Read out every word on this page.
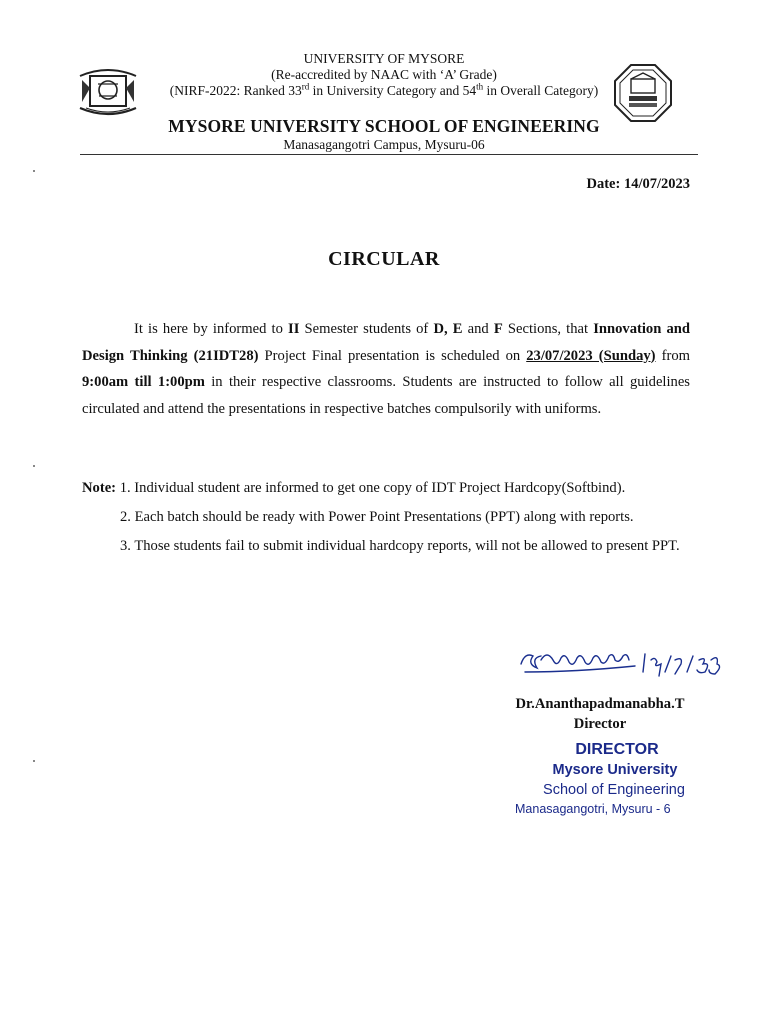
UNIVERSITY OF MYSORE
(Re-accredited by NAAC with ‘A’ Grade)
(NIRF-2022: Ranked 33rd in University Category and 54th in Overall Category)
MYSORE UNIVERSITY SCHOOL OF ENGINEERING
Manasagangotri Campus, Mysuru-06
Date: 14/07/2023
CIRCULAR
It is here by informed to II Semester students of D, E and F Sections, that Innovation and Design Thinking (21IDT28) Project Final presentation is scheduled on 23/07/2023 (Sunday) from 9:00am till 1:00pm in their respective classrooms. Students are instructed to follow all guidelines circulated and attend the presentations in respective batches compulsorily with uniforms.
Note: 1. Individual student are informed to get one copy of IDT Project Hardcopy(Softbind).
2. Each batch should be ready with Power Point Presentations (PPT) along with reports.
3. Those students fail to submit individual hardcopy reports, will not be allowed to present PPT.
Dr.Ananthapadmanabha.T
Director
DIRECTOR
Mysore University
School of Engineering
Manasagangotri, Mysuru - 6
